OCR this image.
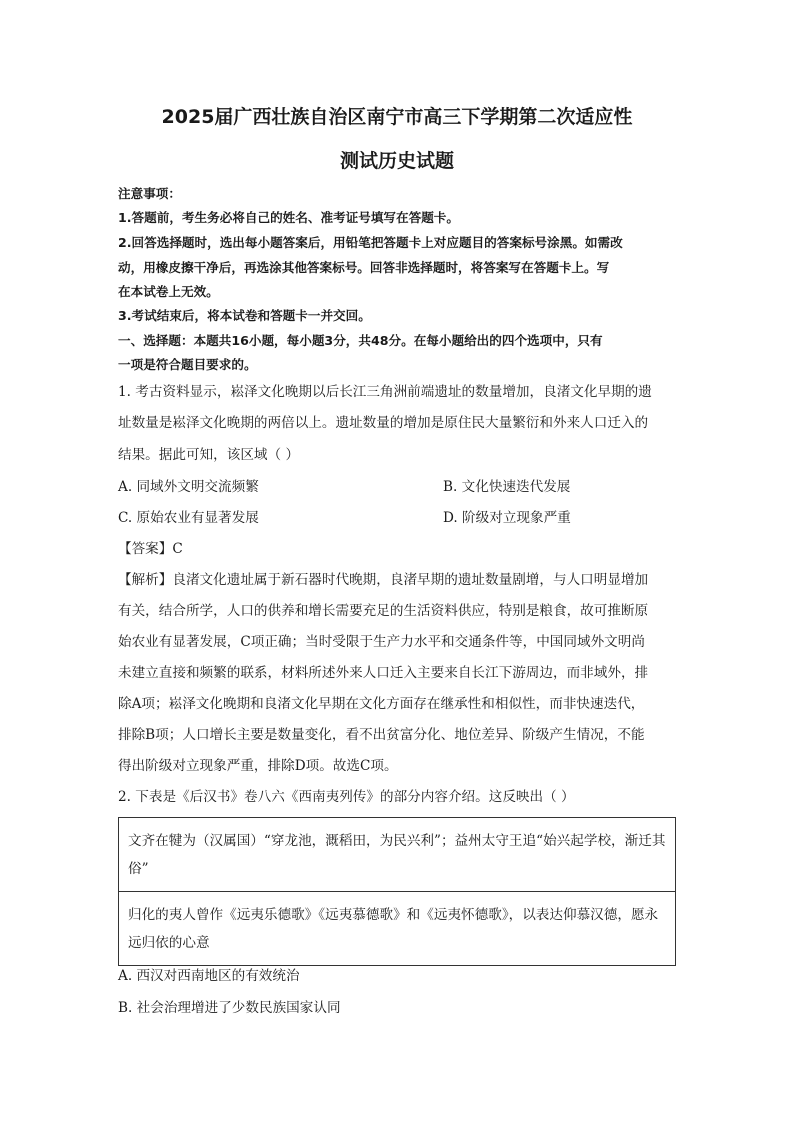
2025届广西壮族自治区南宁市高三下学期第二次适应性
测试历史试题
注意事项：
1.答题前，考生务必将自己的姓名、准考证号填写在答题卡。
2.回答选择题时，选出每小题答案后，用铅笔把答题卡上对应题目的答案标号涂黑。如需改
动，用橡皮擦干净后，再选涂其他答案标号。回答非选择题时，将答案写在答题卡上。写
在本试卷上无效。
3.考试结束后，将本试卷和答题卡一并交回。
一、选择题：本题共16小题，每小题3分，共48分。在每小题给出的四个选项中，只有
一项是符合题目要求的。
1. 考古资料显示，崧泽文化晚期以后长江三角洲前端遗址的数量增加，良渚文化早期的遗
址数量是崧泽文化晚期的两倍以上。遗址数量的增加是原住民大量繁衍和外来人口迁入的
结果。据此可知，该区域（ ）
A. 同域外文明交流频繁	B. 文化快速迭代发展
C. 原始农业有显著发展	D. 阶级对立现象严重
【答案】C
【解析】良渚文化遗址属于新石器时代晚期，良渚早期的遗址数量剧增，与人口明显增加
有关，结合所学，人口的供养和增长需要充足的生活资料供应，特别是粮食，故可推断原
始农业有显著发展，C项正确；当时受限于生产力水平和交通条件等，中国同域外文明尚
未建立直接和频繁的联系，材料所述外来人口迁入主要来自长江下游周边，而非域外，排
除A项；崧泽文化晚期和良渚文化早期在文化方面存在继承性和相似性，而非快速迭代，
排除B项；人口增长主要是数量变化，看不出贫富分化、地位差异、阶级产生情况，不能
得出阶级对立现象严重，排除D项。故选C项。
2. 下表是《后汉书》卷八六《西南夷列传》的部分内容介绍。这反映出（ ）
文齐在犍为（汉属国）“穿龙池，溉稻田，为民兴利”；益州太守王追“始兴起学校，渐迁其俗”
归化的夷人曾作《远夷乐德歌》《远夷慕德歌》和《远夷怀德歌》，以表达仰慕汉德，愿永远归依的心意
A. 西汉对西南地区的有效统治
B. 社会治理增进了少数民族国家认同
